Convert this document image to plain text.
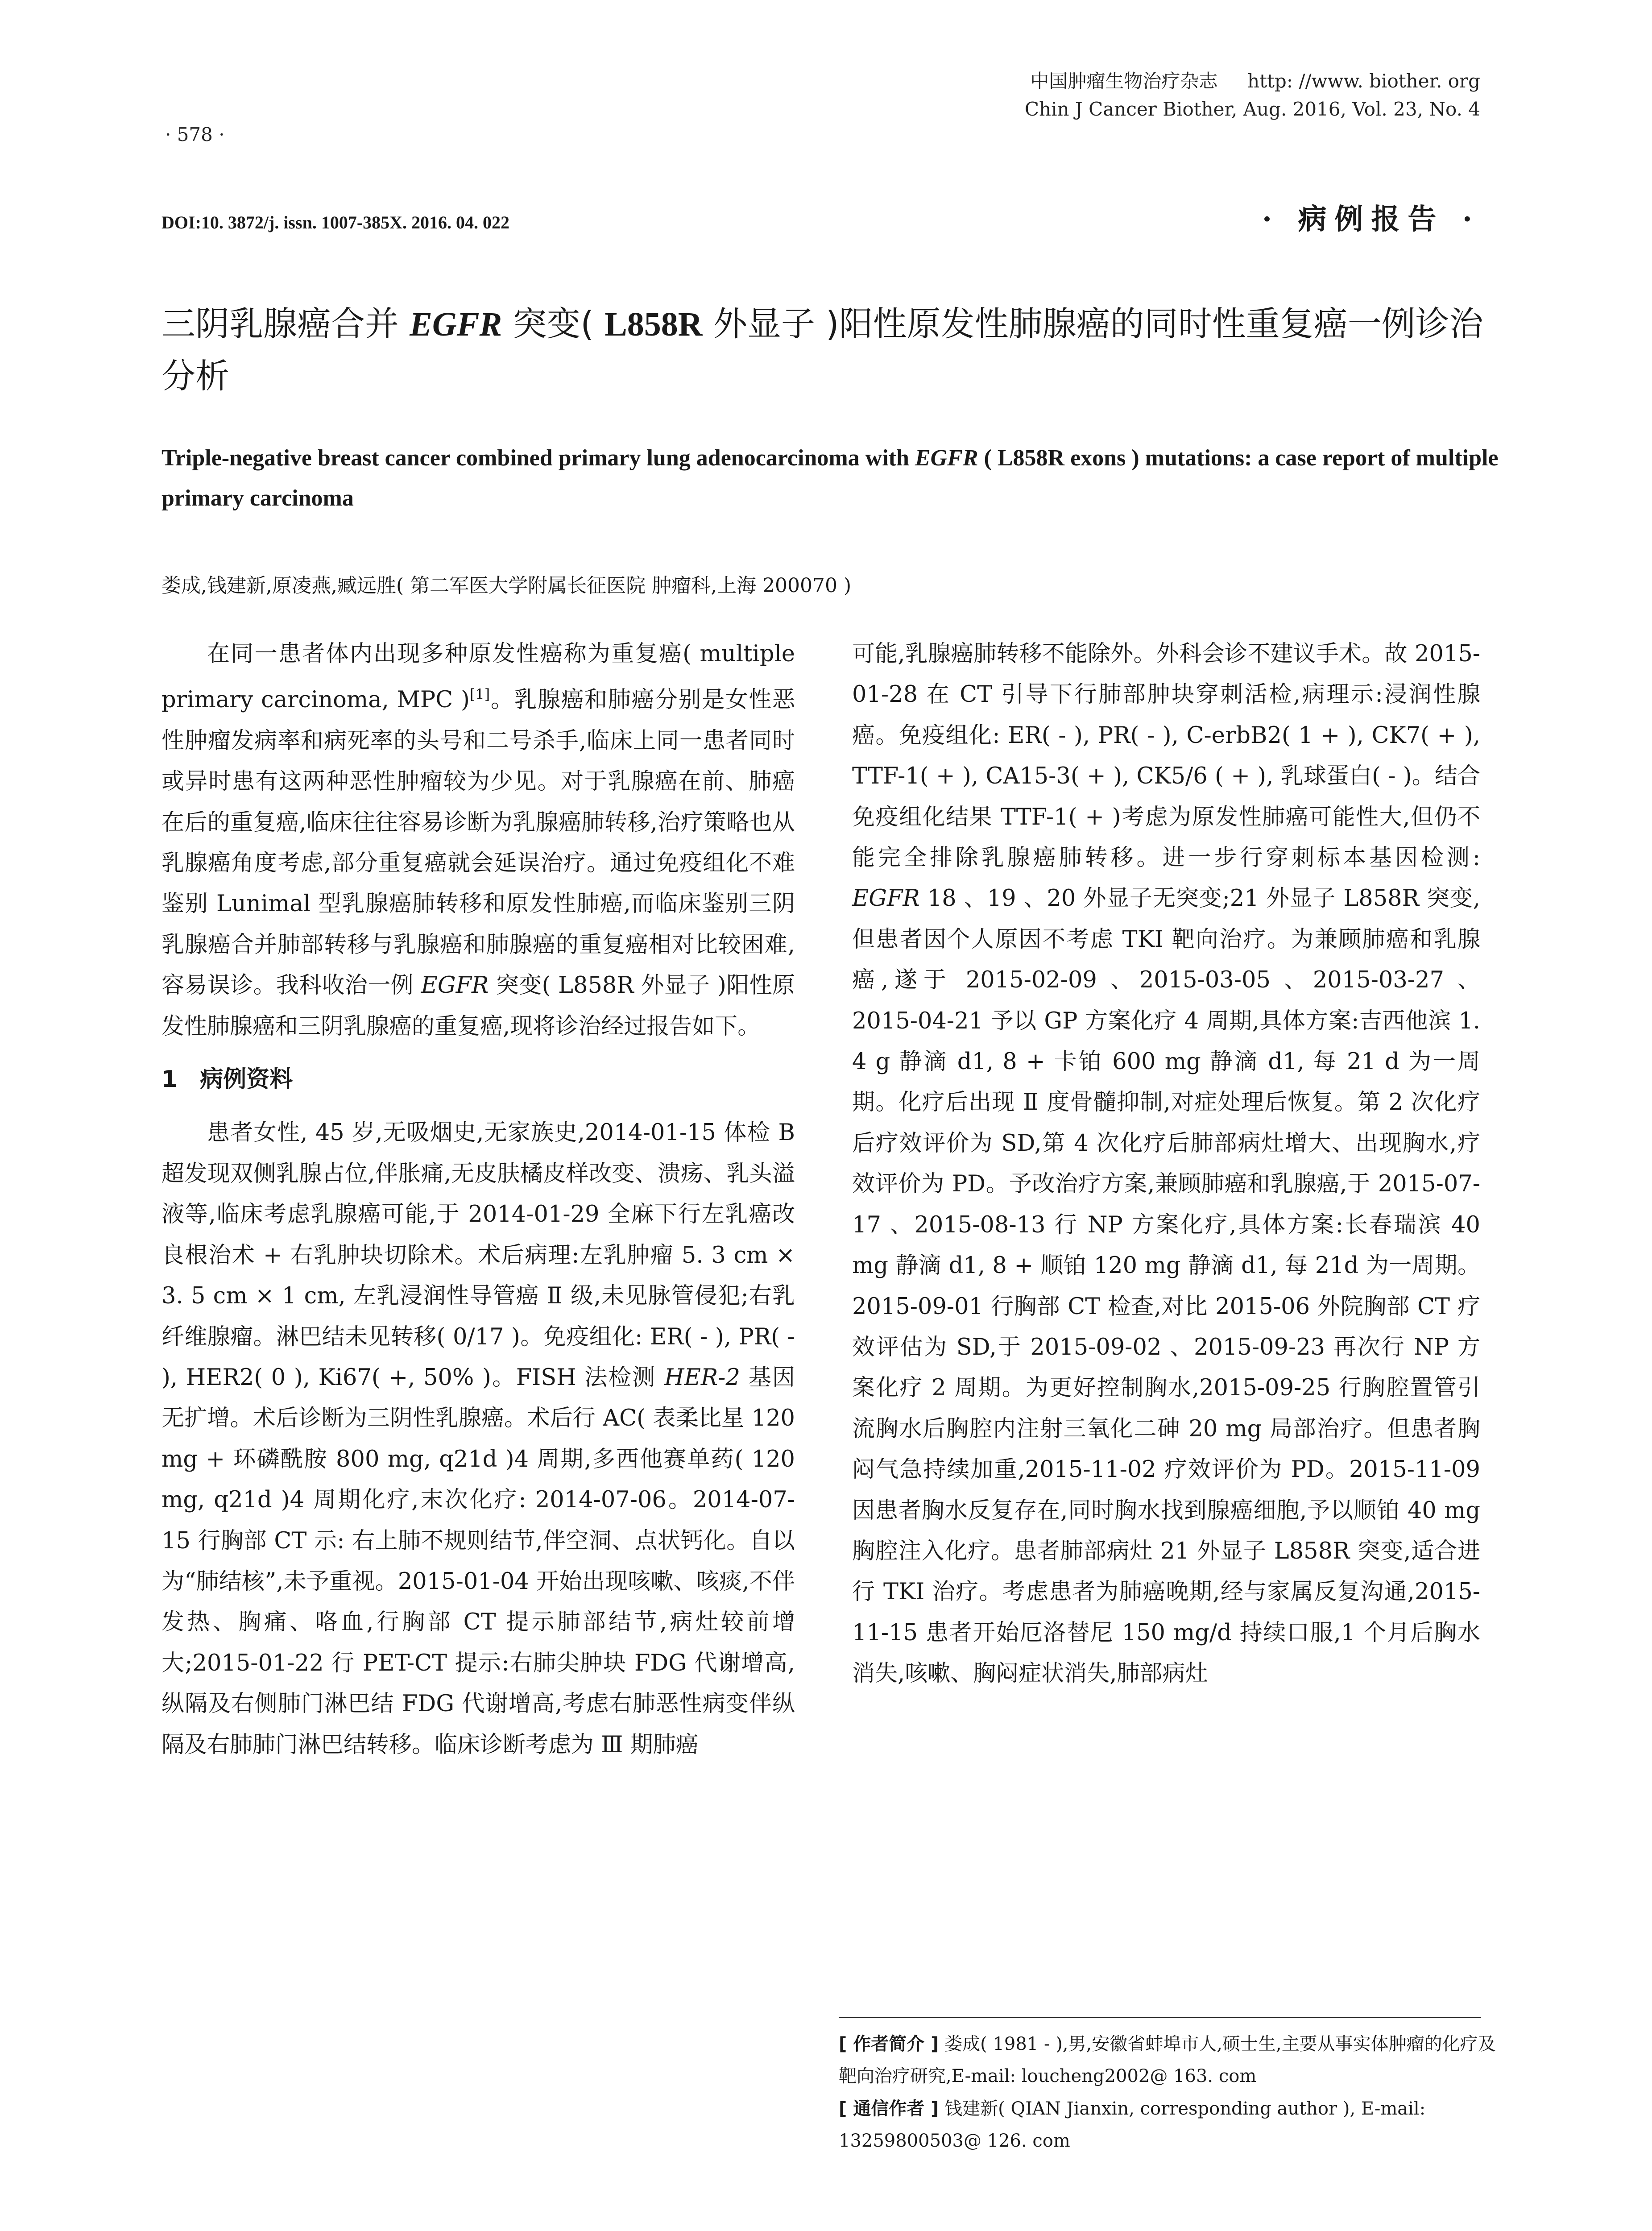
中国肿瘤生物治疗杂志 http: //www. biother. org
Chin J Cancer Biother, Aug. 2016, Vol. 23, No. 4
· 578 ·
DOI:10. 3872/j. issn. 1007-385X. 2016. 04. 022	· 病例报告 ·
三阴乳腺癌合并 EGFR 突变( L858R 外显子 )阳性原发性肺腺癌的同时性重复癌一例诊治分析
Triple-negative breast cancer combined primary lung adenocarcinoma with EGFR ( L858R exons ) mutations: a case report of multiple primary carcinoma
娄成,钱建新,原凌燕,臧远胜( 第二军医大学附属长征医院 肿瘤科,上海 200070 )

在同一患者体内出现多种原发性癌称为重复癌( multiple primary carcinoma, MPC )[1]。乳腺癌和肺癌分别是女性恶性肿瘤发病率和病死率的头号和二号杀手,临床上同一患者同时或异时患有这两种恶性肿瘤较为少见。对于乳腺癌在前、肺癌在后的重复癌,临床往往容易诊断为乳腺癌肺转移,治疗策略也从乳腺癌角度考虑,部分重复癌就会延误治疗。通过免疫组化不难鉴别 Lunimal 型乳腺癌肺转移和原发性肺癌,而临床鉴别三阴乳腺癌合并肺部转移与乳腺癌和肺腺癌的重复癌相对比较困难,容易误诊。我科收治一例 EGFR 突变( L858R 外显子 )阳性原发性肺腺癌和三阴乳腺癌的重复癌,现将诊治经过报告如下。

1 病例资料

患者女性, 45 岁,无吸烟史,无家族史,2014-01-15 体检 B 超发现双侧乳腺占位,伴胀痛,无皮肤橘皮样改变、溃疡、乳头溢液等,临床考虑乳腺癌可能,于 2014-01-29 全麻下行左乳癌改良根治术 + 右乳肿块切除术。术后病理:左乳肿瘤 5. 3 cm × 3. 5 cm × 1 cm, 左乳浸润性导管癌 Ⅱ 级,未见脉管侵犯;右乳纤维腺瘤。淋巴结未见转移( 0/17 )。免疫组化: ER( - ), PR( - ), HER2( 0 ), Ki67( +, 50% )。FISH 法检测 HER-2 基因无扩增。术后诊断为三阴性乳腺癌。术后行 AC( 表柔比星 120 mg + 环磷酰胺 800 mg, q21d )4 周期,多西他赛单药( 120 mg, q21d )4 周期化疗,末次化疗: 2014-07-06。2014-07-15 行胸部 CT 示: 右上肺不规则结节,伴空洞、点状钙化。自以为“肺结核”,未予重视。2015-01-04 开始出现咳嗽、咳痰,不伴发热、胸痛、咯血,行胸部 CT 提示肺部结节,病灶较前增大;2015-01-22 行 PET-CT 提示:右肺尖肿块 FDG 代谢增高,纵隔及右侧肺门淋巴结 FDG 代谢增高,考虑右肺恶性病变伴纵隔及右肺肺门淋巴结转移。临床诊断考虑为 Ⅲ 期肺癌

可能,乳腺癌肺转移不能除外。外科会诊不建议手术。故 2015-01-28 在 CT 引导下行肺部肿块穿刺活检,病理示:浸润性腺癌。免疫组化: ER( - ), PR( - ), C-erbB2( 1 + ), CK7( + ), TTF-1( + ), CA15-3( + ), CK5/6 ( + ), 乳球蛋白( - )。结合免疫组化结果 TTF-1( + )考虑为原发性肺癌可能性大,但仍不能完全排除乳腺癌肺转移。进一步行穿刺标本基因检测: EGFR 18 、19 、20 外显子无突变;21 外显子 L858R 突变,但患者因个人原因不考虑 TKI 靶向治疗。为兼顾肺癌和乳腺癌,遂于 2015-02-09 、2015-03-05 、2015-03-27 、2015-04-21 予以 GP 方案化疗 4 周期,具体方案:吉西他滨 1. 4 g 静滴 d1, 8 + 卡铂 600 mg 静滴 d1, 每 21 d 为一周期。化疗后出现 Ⅱ 度骨髓抑制,对症处理后恢复。第 2 次化疗后疗效评价为 SD,第 4 次化疗后肺部病灶增大、出现胸水,疗效评价为 PD。予改治疗方案,兼顾肺癌和乳腺癌,于 2015-07-17 、2015-08-13 行 NP 方案化疗,具体方案:长春瑞滨 40 mg 静滴 d1, 8 + 顺铂 120 mg 静滴 d1, 每 21d 为一周期。2015-09-01 行胸部 CT 检查,对比 2015-06 外院胸部 CT 疗效评估为 SD,于 2015-09-02 、2015-09-23 再次行 NP 方案化疗 2 周期。为更好控制胸水,2015-09-25 行胸腔置管引流胸水后胸腔内注射三氧化二砷 20 mg 局部治疗。但患者胸闷气急持续加重,2015-11-02 疗效评价为 PD。2015-11-09 因患者胸水反复存在,同时胸水找到腺癌细胞,予以顺铂 40 mg 胸腔注入化疗。患者肺部病灶 21 外显子 L858R 突变,适合进行 TKI 治疗。考虑患者为肺癌晚期,经与家属反复沟通,2015-11-15 患者开始厄洛替尼 150 mg/d 持续口服,1 个月后胸水消失,咳嗽、胸闷症状消失,肺部病灶

[ 作者简介 ] 娄成( 1981 - ),男,安徽省蚌埠市人,硕士生,主要从事实体肿瘤的化疗及靶向治疗研究,E-mail: loucheng2002@ 163. com
[ 通信作者 ] 钱建新( QIAN Jianxin, corresponding author ), E-mail: 13259800503@ 126. com
